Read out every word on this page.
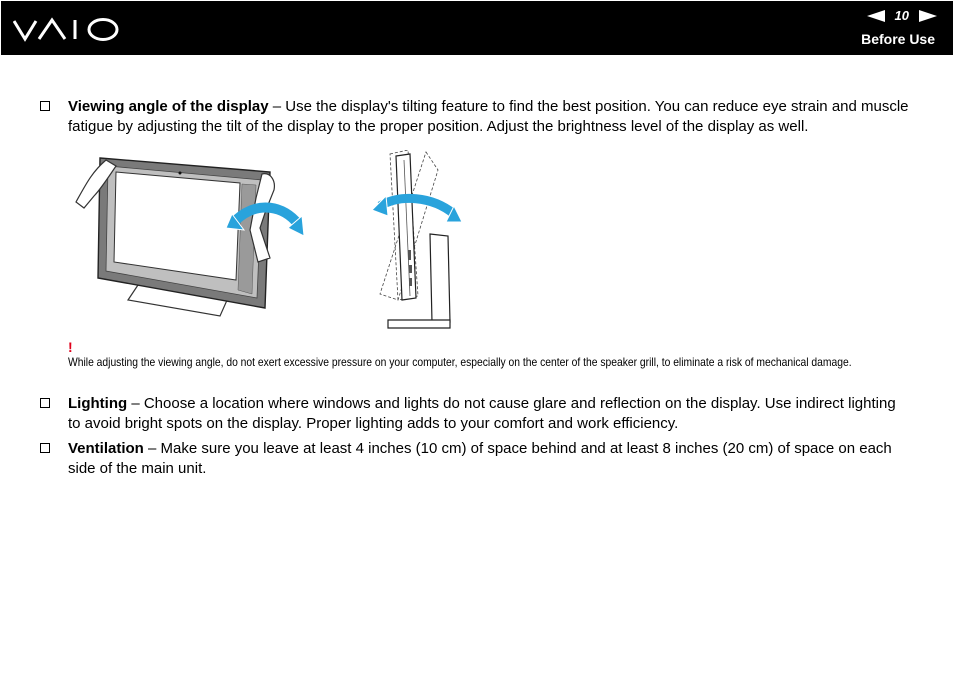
10
Before Use
Viewing angle of the display – Use the display's tilting feature to find the best position. You can reduce eye strain and muscle fatigue by adjusting the tilt of the display to the proper position. Adjust the brightness level of the display as well.
!
While adjusting the viewing angle, do not exert excessive pressure on your computer, especially on the center of the speaker grill, to eliminate a risk of mechanical damage.
Lighting – Choose a location where windows and lights do not cause glare and reflection on the display. Use indirect lighting to avoid bright spots on the display. Proper lighting adds to your comfort and work efficiency.
Ventilation – Make sure you leave at least 4 inches (10 cm) of space behind and at least 8 inches (20 cm) of space on each side of the main unit.
